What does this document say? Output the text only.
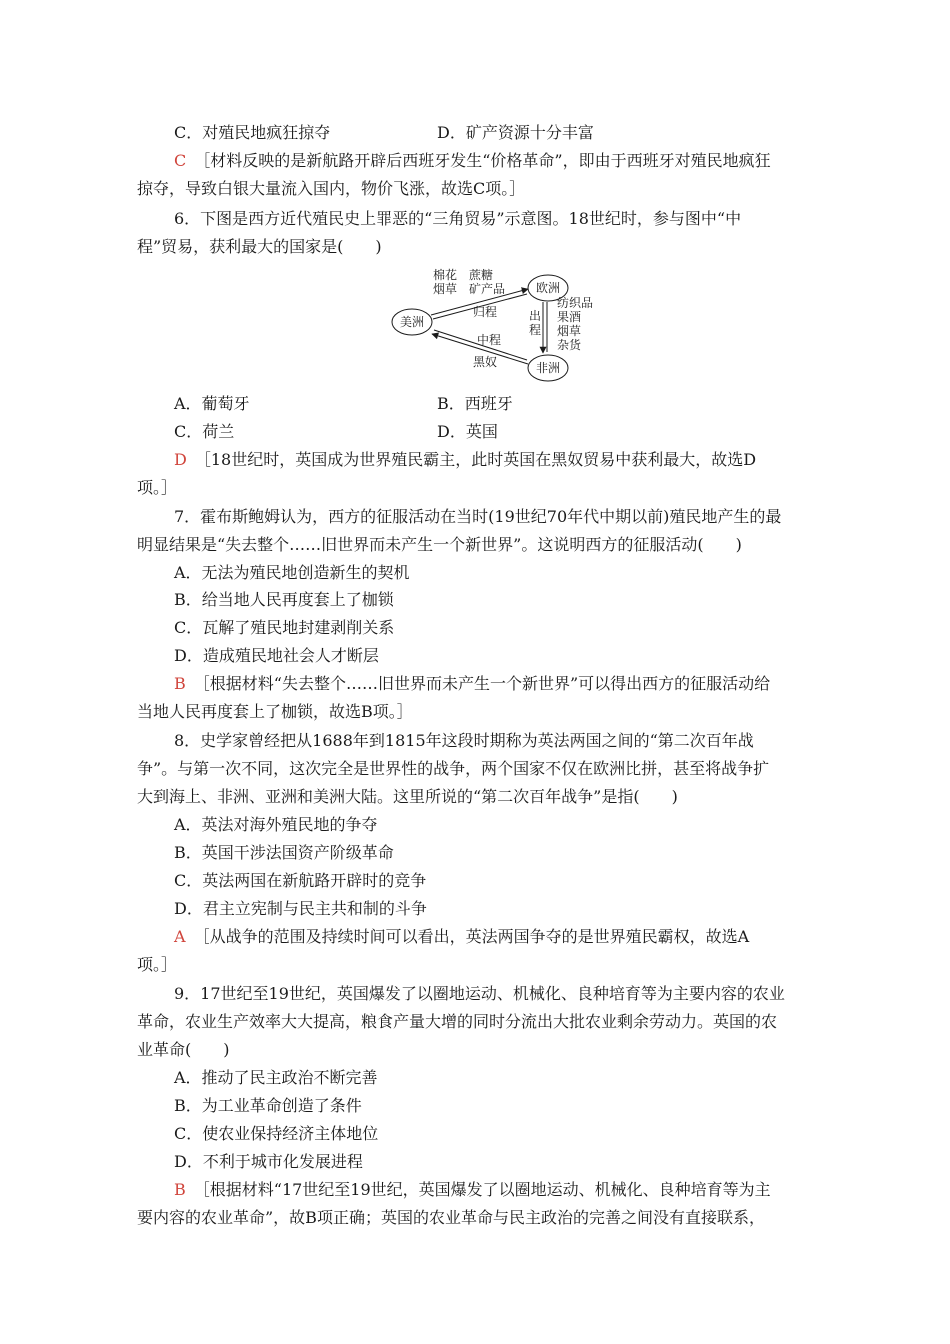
C．对殖民地疯狂掠夺	D．矿产资源十分丰富
C  ［材料反映的是新航路开辟后西班牙发生“价格革命”，即由于西班牙对殖民地疯狂
掠夺，导致白银大量流入国内，物价飞涨，故选C项。］
6．下图是西方近代殖民史上罪恶的“三角贸易”示意图。18世纪时，参与图中“中
程”贸易，获利最大的国家是(　　)
美洲
欧洲
非洲
棉花　蔗糖
烟草　矿产品
归程	出
程
纺织品
果酒
烟草
杂货
中程
黑奴
A．葡萄牙	B．西班牙
C．荷兰	D．英国
D  ［18世纪时，英国成为世界殖民霸主，此时英国在黑奴贸易中获利最大，故选D
项。］
7．霍布斯鲍姆认为，西方的征服活动在当时(19世纪70年代中期以前)殖民地产生的最
明显结果是“失去整个……旧世界而未产生一个新世界”。这说明西方的征服活动(　　)
A．无法为殖民地创造新生的契机
B．给当地人民再度套上了枷锁
C．瓦解了殖民地封建剥削关系
D．造成殖民地社会人才断层
B  ［根据材料“失去整个……旧世界而未产生一个新世界”可以得出西方的征服活动给
当地人民再度套上了枷锁，故选B项。］
8．史学家曾经把从1688年到1815年这段时期称为英法两国之间的“第二次百年战
争”。与第一次不同，这次完全是世界性的战争，两个国家不仅在欧洲比拼，甚至将战争扩
大到海上、非洲、亚洲和美洲大陆。这里所说的“第二次百年战争”是指(　　)
A．英法对海外殖民地的争夺
B．英国干涉法国资产阶级革命
C．英法两国在新航路开辟时的竞争
D．君主立宪制与民主共和制的斗争
A  ［从战争的范围及持续时间可以看出，英法两国争夺的是世界殖民霸权，故选A
项。］
9．17世纪至19世纪，英国爆发了以圈地运动、机械化、良种培育等为主要内容的农业
革命，农业生产效率大大提高，粮食产量大增的同时分流出大批农业剩余劳动力。英国的农
业革命(　　)
A．推动了民主政治不断完善
B．为工业革命创造了条件
C．使农业保持经济主体地位
D．不利于城市化发展进程
B  ［根据材料“17世纪至19世纪，英国爆发了以圈地运动、机械化、良种培育等为主
要内容的农业革命”，故B项正确；英国的农业革命与民主政治的完善之间没有直接联系，
